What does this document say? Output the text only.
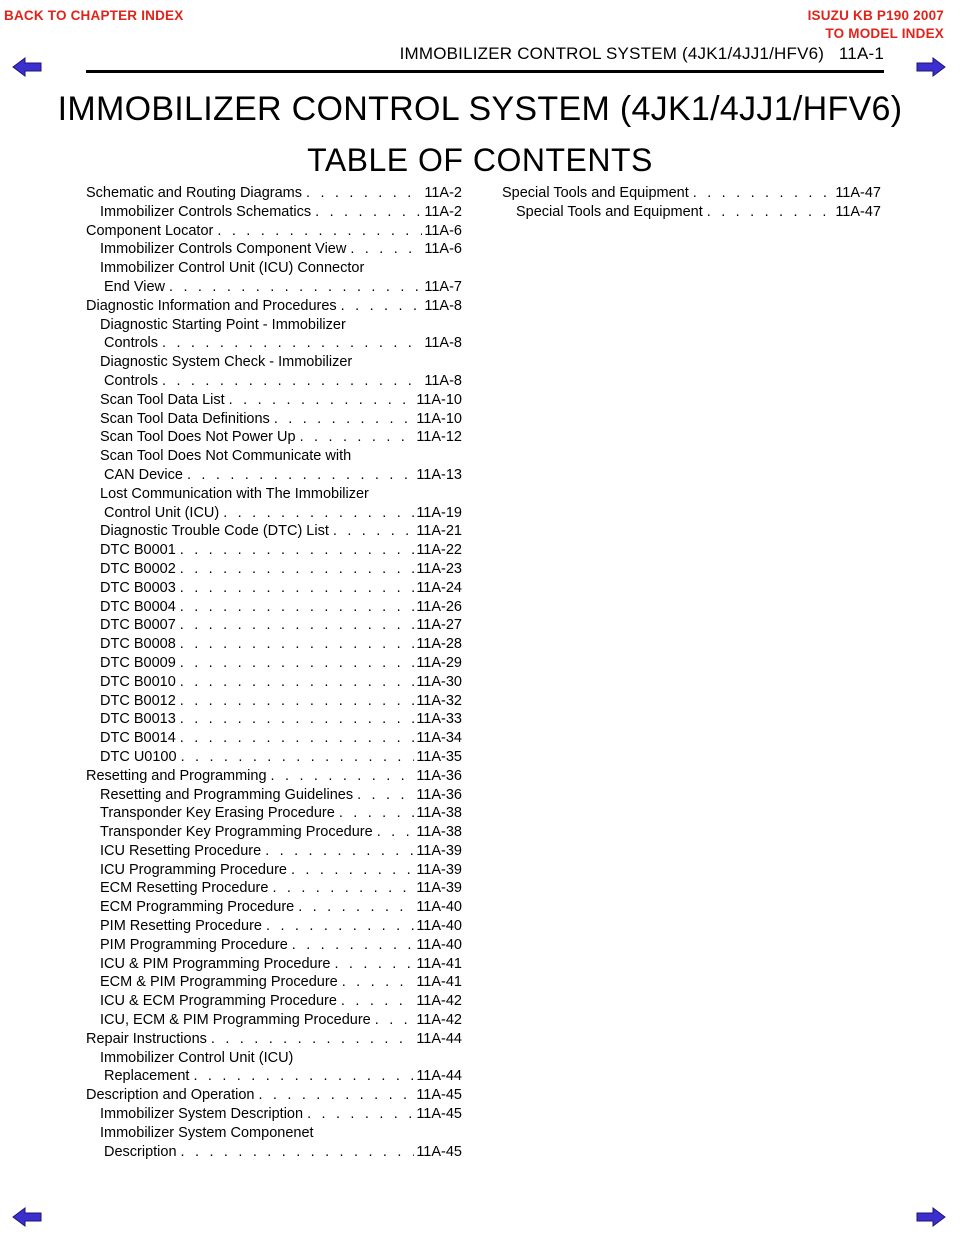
BACK TO CHAPTER INDEX	ISUZU KB P190 2007
TO MODEL INDEX
IMMOBILIZER CONTROL SYSTEM (4JK1/4JJ1/HFV6)   11A-1
IMMOBILIZER CONTROL SYSTEM (4JK1/4JJ1/HFV6)
TABLE OF CONTENTS
Schematic and Routing Diagrams . . .	11A-2
Immobilizer Controls Schematics . . .	11A-2
Component Locator . . .	11A-6
Immobilizer Controls Component View . . .	11A-6
Immobilizer Control Unit (ICU) Connector
End View . . .	11A-7
Diagnostic Information and Procedures . . .	11A-8
Diagnostic Starting Point - Immobilizer
Controls . . .	11A-8
Diagnostic System Check - Immobilizer
Controls . . .	11A-8
Scan Tool Data List . . .	11A-10
Scan Tool Data Definitions . . .	11A-10
Scan Tool Does Not Power Up . . .	11A-12
Scan Tool Does Not Communicate with
CAN Device . . .	11A-13
Lost Communication with The Immobilizer
Control Unit (ICU) . . .	11A-19
Diagnostic Trouble Code (DTC) List . . .	11A-21
DTC B0001 . . .	11A-22
DTC B0002 . . .	11A-23
DTC B0003 . . .	11A-24
DTC B0004 . . .	11A-26
DTC B0007 . . .	11A-27
DTC B0008 . . .	11A-28
DTC B0009 . . .	11A-29
DTC B0010 . . .	11A-30
DTC B0012 . . .	11A-32
DTC B0013 . . .	11A-33
DTC B0014 . . .	11A-34
DTC U0100 . . .	11A-35
Resetting and Programming . . .	11A-36
Resetting and Programming Guidelines . . .	11A-36
Transponder Key Erasing Procedure . . .	11A-38
Transponder Key Programming Procedure . . .	11A-38
ICU Resetting Procedure . . .	11A-39
ICU Programming Procedure . . .	11A-39
ECM Resetting Procedure . . .	11A-39
ECM Programming Procedure . . .	11A-40
PIM Resetting Procedure . . .	11A-40
PIM Programming Procedure . . .	11A-40
ICU & PIM Programming Procedure . . .	11A-41
ECM & PIM Programming Procedure . . .	11A-41
ICU & ECM Programming Procedure . . .	11A-42
ICU, ECM & PIM Programming Procedure . . .	11A-42
Repair Instructions . . .	11A-44
Immobilizer Control Unit (ICU)
Replacement . . .	11A-44
Description and Operation . . .	11A-45
Immobilizer System Description . . .	11A-45
Immobilizer System Componenet
Description . . .	11A-45
Special Tools and Equipment . . .	11A-47
Special Tools and Equipment . . .	11A-47
